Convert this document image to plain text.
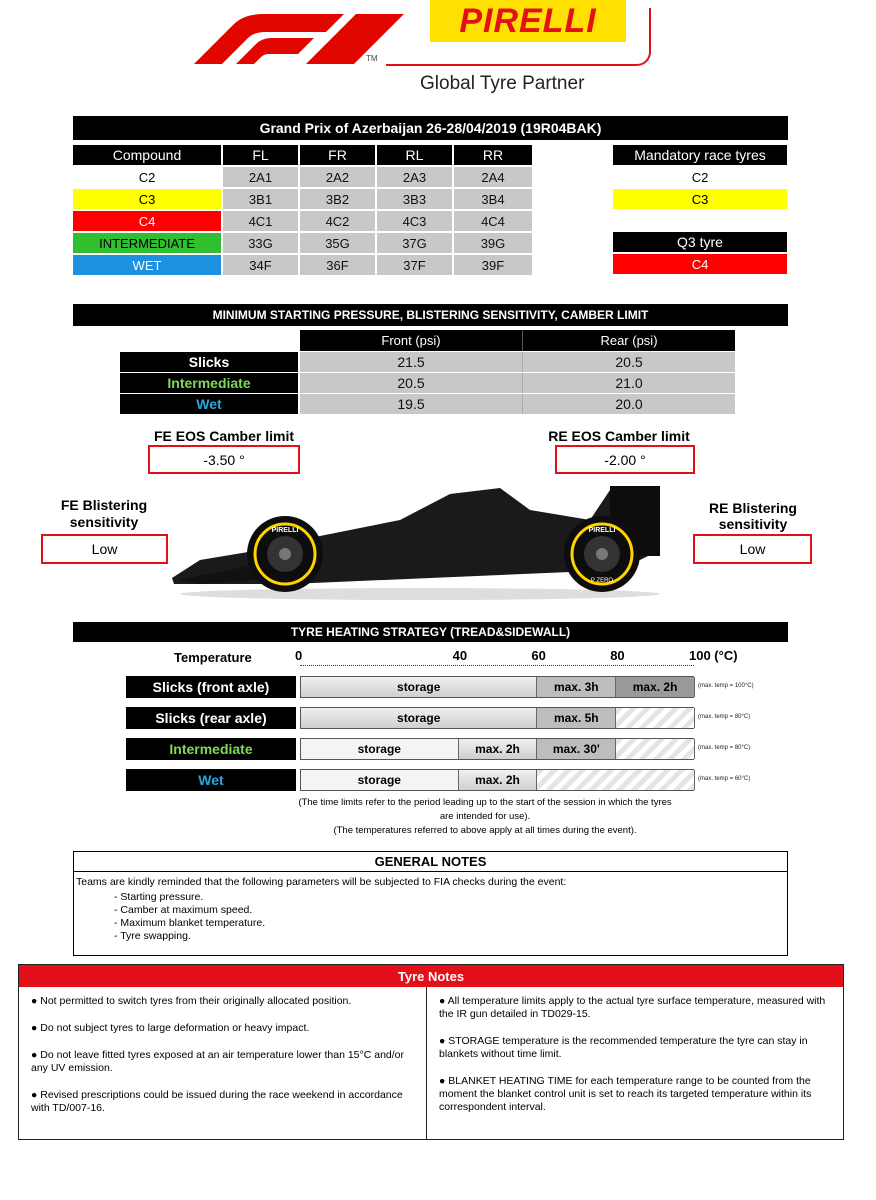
TM
PIRELLI
Global Tyre Partner
Grand Prix of Azerbaijan 26-28/04/2019 (19R04BAK)
Compound	FL	FR	RL	RR
C2	2A1	2A2	2A3	2A4
C3	3B1	3B2	3B3	3B4
C4	4C1	4C2	4C3	4C4
INTERMEDIATE	33G	35G	37G	39G
WET	34F	36F	37F	39F
Mandatory race tyres
C2
C3
Q3 tyre
C4
MINIMUM STARTING PRESSURE, BLISTERING SENSITIVITY, CAMBER LIMIT
Front (psi)	Rear (psi)
Slicks	21.5	20.5
Intermediate	20.5	21.0
Wet	19.5	20.0
FE EOS Camber limit
-3.50 °
RE EOS Camber limit
-2.00 °
FE Blistering
sensitivity
Low
RE Blistering
sensitivity
Low
PIRELLI	PIRELLI
P ZERO
TYRE HEATING STRATEGY (TREAD&SIDEWALL)
Temperature	0	40	60	80	100 (°C)
Slicks (front axle)	storage	max. 3h	max. 2h	(max. temp = 100°C)
Slicks (rear axle)	storage	max. 5h	(max. temp = 80°C)
Intermediate	storage	max. 2h	max. 30'	(max. temp = 80°C)
Wet	storage	max. 2h	(max. temp = 60°C)
(The time limits refer to the period leading up to the start of the session in which the tyres
are intended for use).
(The temperatures referred to above apply at all times during the event).
GENERAL NOTES
Teams are kindly reminded that the following parameters will be subjected to FIA checks during the event:
- Starting pressure.
- Camber at maximum speed.
- Maximum blanket temperature.
- Tyre swapping.
Tyre Notes
● Not permitted to switch tyres from their originally allocated position.
● Do not subject tyres to large deformation or heavy impact.
● Do not leave fitted tyres exposed at an air temperature lower than 15°C and/or any UV emission.
● Revised prescriptions could be issued during the race weekend in accordance with TD/007-16.
● All temperature limits apply to the actual tyre surface temperature, measured with the IR gun detailed in TD029-15.
● STORAGE temperature is the recommended temperature the tyre can stay in blankets without time limit.
● BLANKET HEATING TIME for each temperature range to be counted from the moment the blanket control unit is set to reach its targeted temperature within its correspondent interval.
